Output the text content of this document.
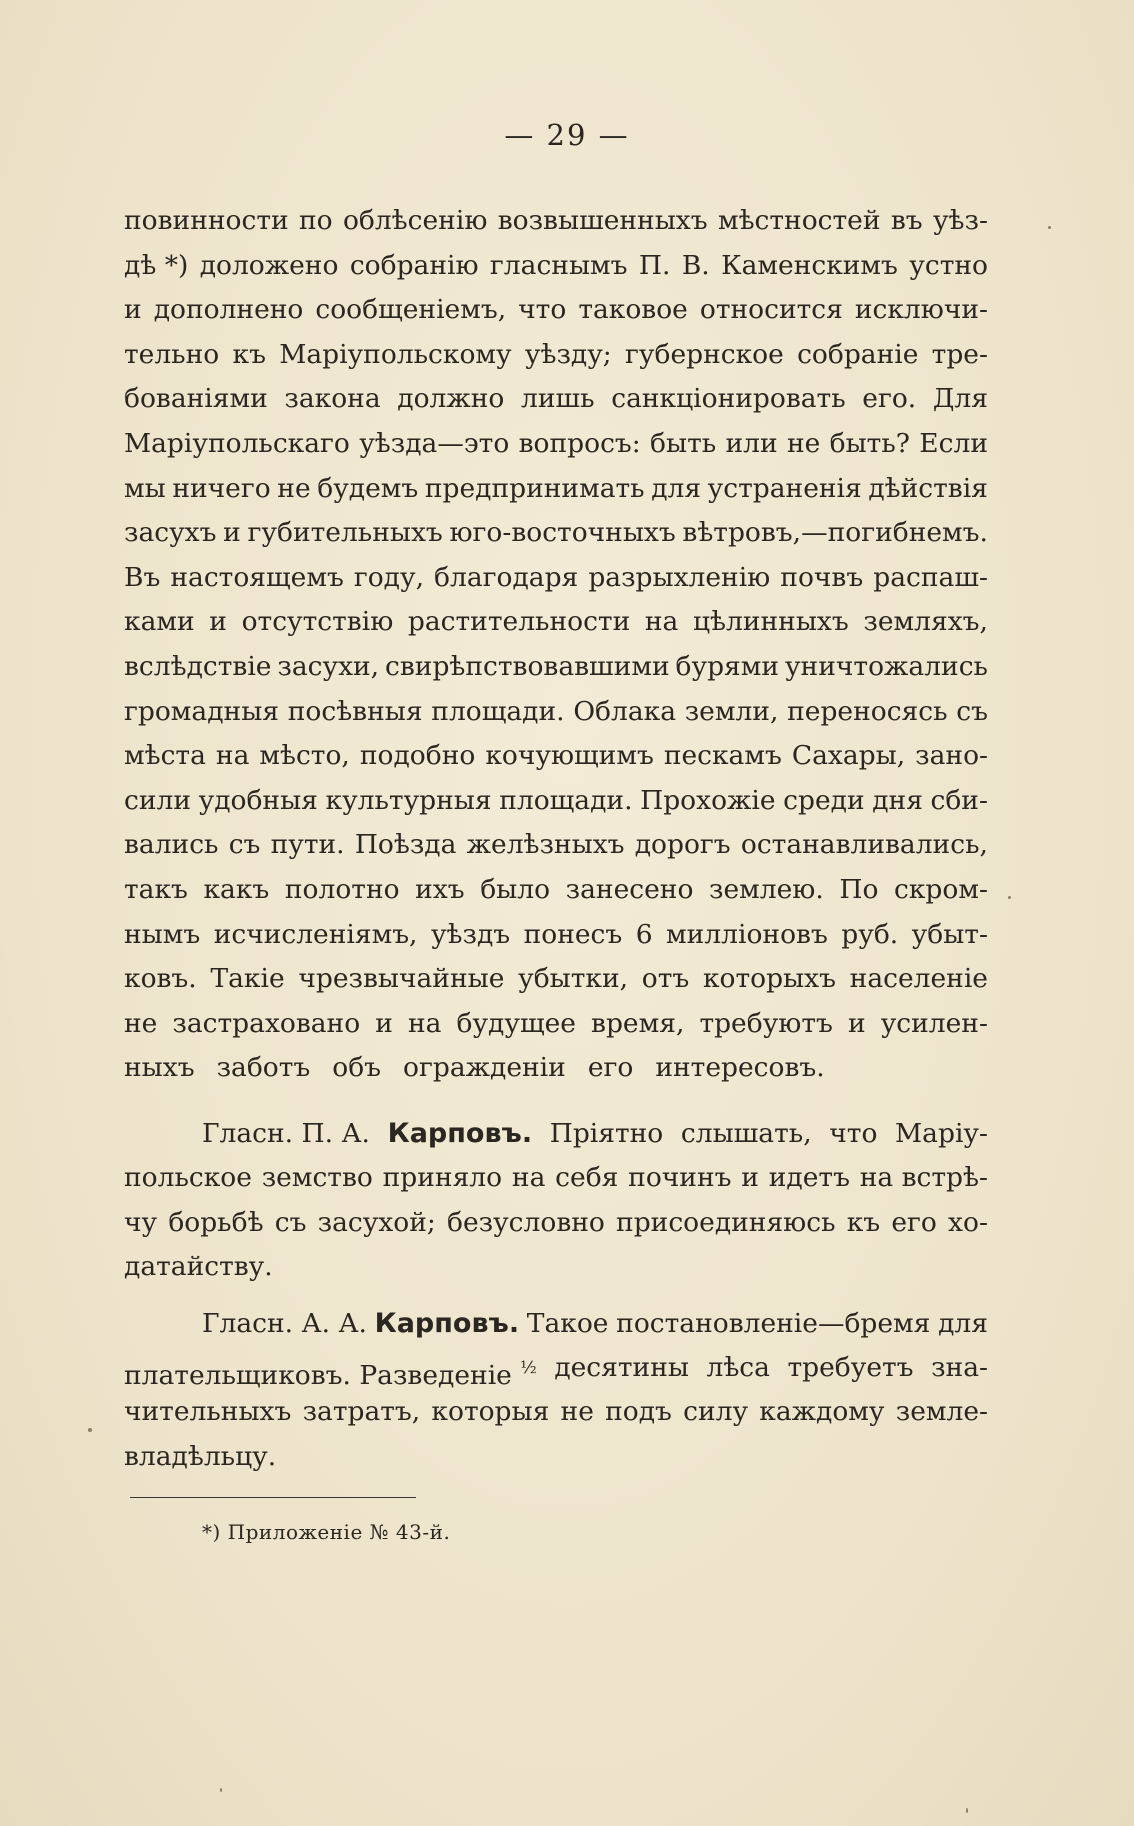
— 29 —
повинности по облѣсенію возвышенныхъ мѣстностей въ уѣз-
дѣ *) доложено собранію гласнымъ П. В. Каменскимъ устно
и дополнено сообщеніемъ, что таковое относится исключи-
тельно къ Маріупольскому уѣзду; губернское собраніе тре-
бованіями закона должно лишь санкціонировать его. Для
Маріупольскаго уѣзда—это вопросъ: быть или не быть? Если
мы ничего не будемъ предпринимать для устраненія дѣйствія
засухъ и губительныхъ юго-восточныхъ вѣтровъ,—погибнемъ.
Въ настоящемъ году, благодаря разрыхленію почвъ распаш-
ками и отсутствію растительности на цѣлинныхъ земляхъ,
вслѣдствіе засухи, свирѣпствовавшими бурями уничтожались
громадныя посѣвныя площади. Облака земли, переносясь съ
мѣста на мѣсто, подобно кочующимъ пескамъ Сахары, зано-
сили удобныя культурныя площади. Прохожіе среди дня сби-
вались съ пути. Поѣзда желѣзныхъ дорогъ останавливались,
такъ какъ полотно ихъ было занесено землею. По скром-
нымъ исчисленіямъ, уѣздъ понесъ 6 милліоновъ руб. убыт-
ковъ. Такіе чрезвычайные убытки, отъ которыхъ населеніе
не застраховано и на будущее время, требуютъ и усилен-
ныхъ заботъ объ огражденіи его интересовъ.
Гласн. П. А. Карповъ. Пріятно слышать, что Маріу-
польское земство приняло на себя починъ и идетъ на встрѣ-
чу борьбѣ съ засухой; безусловно присоединяюсь къ его хо-
датайству.
Гласн. А. А. Карповъ. Такое постановленіе—бремя для
плательщиковъ. Разведеніе $^{\frac{1}{2}}$ десятины лѣса требуетъ зна-
чительныхъ затратъ, которыя не подъ силу каждому земле-
владѣльцу.
*) Приложеніе № 43-й.
